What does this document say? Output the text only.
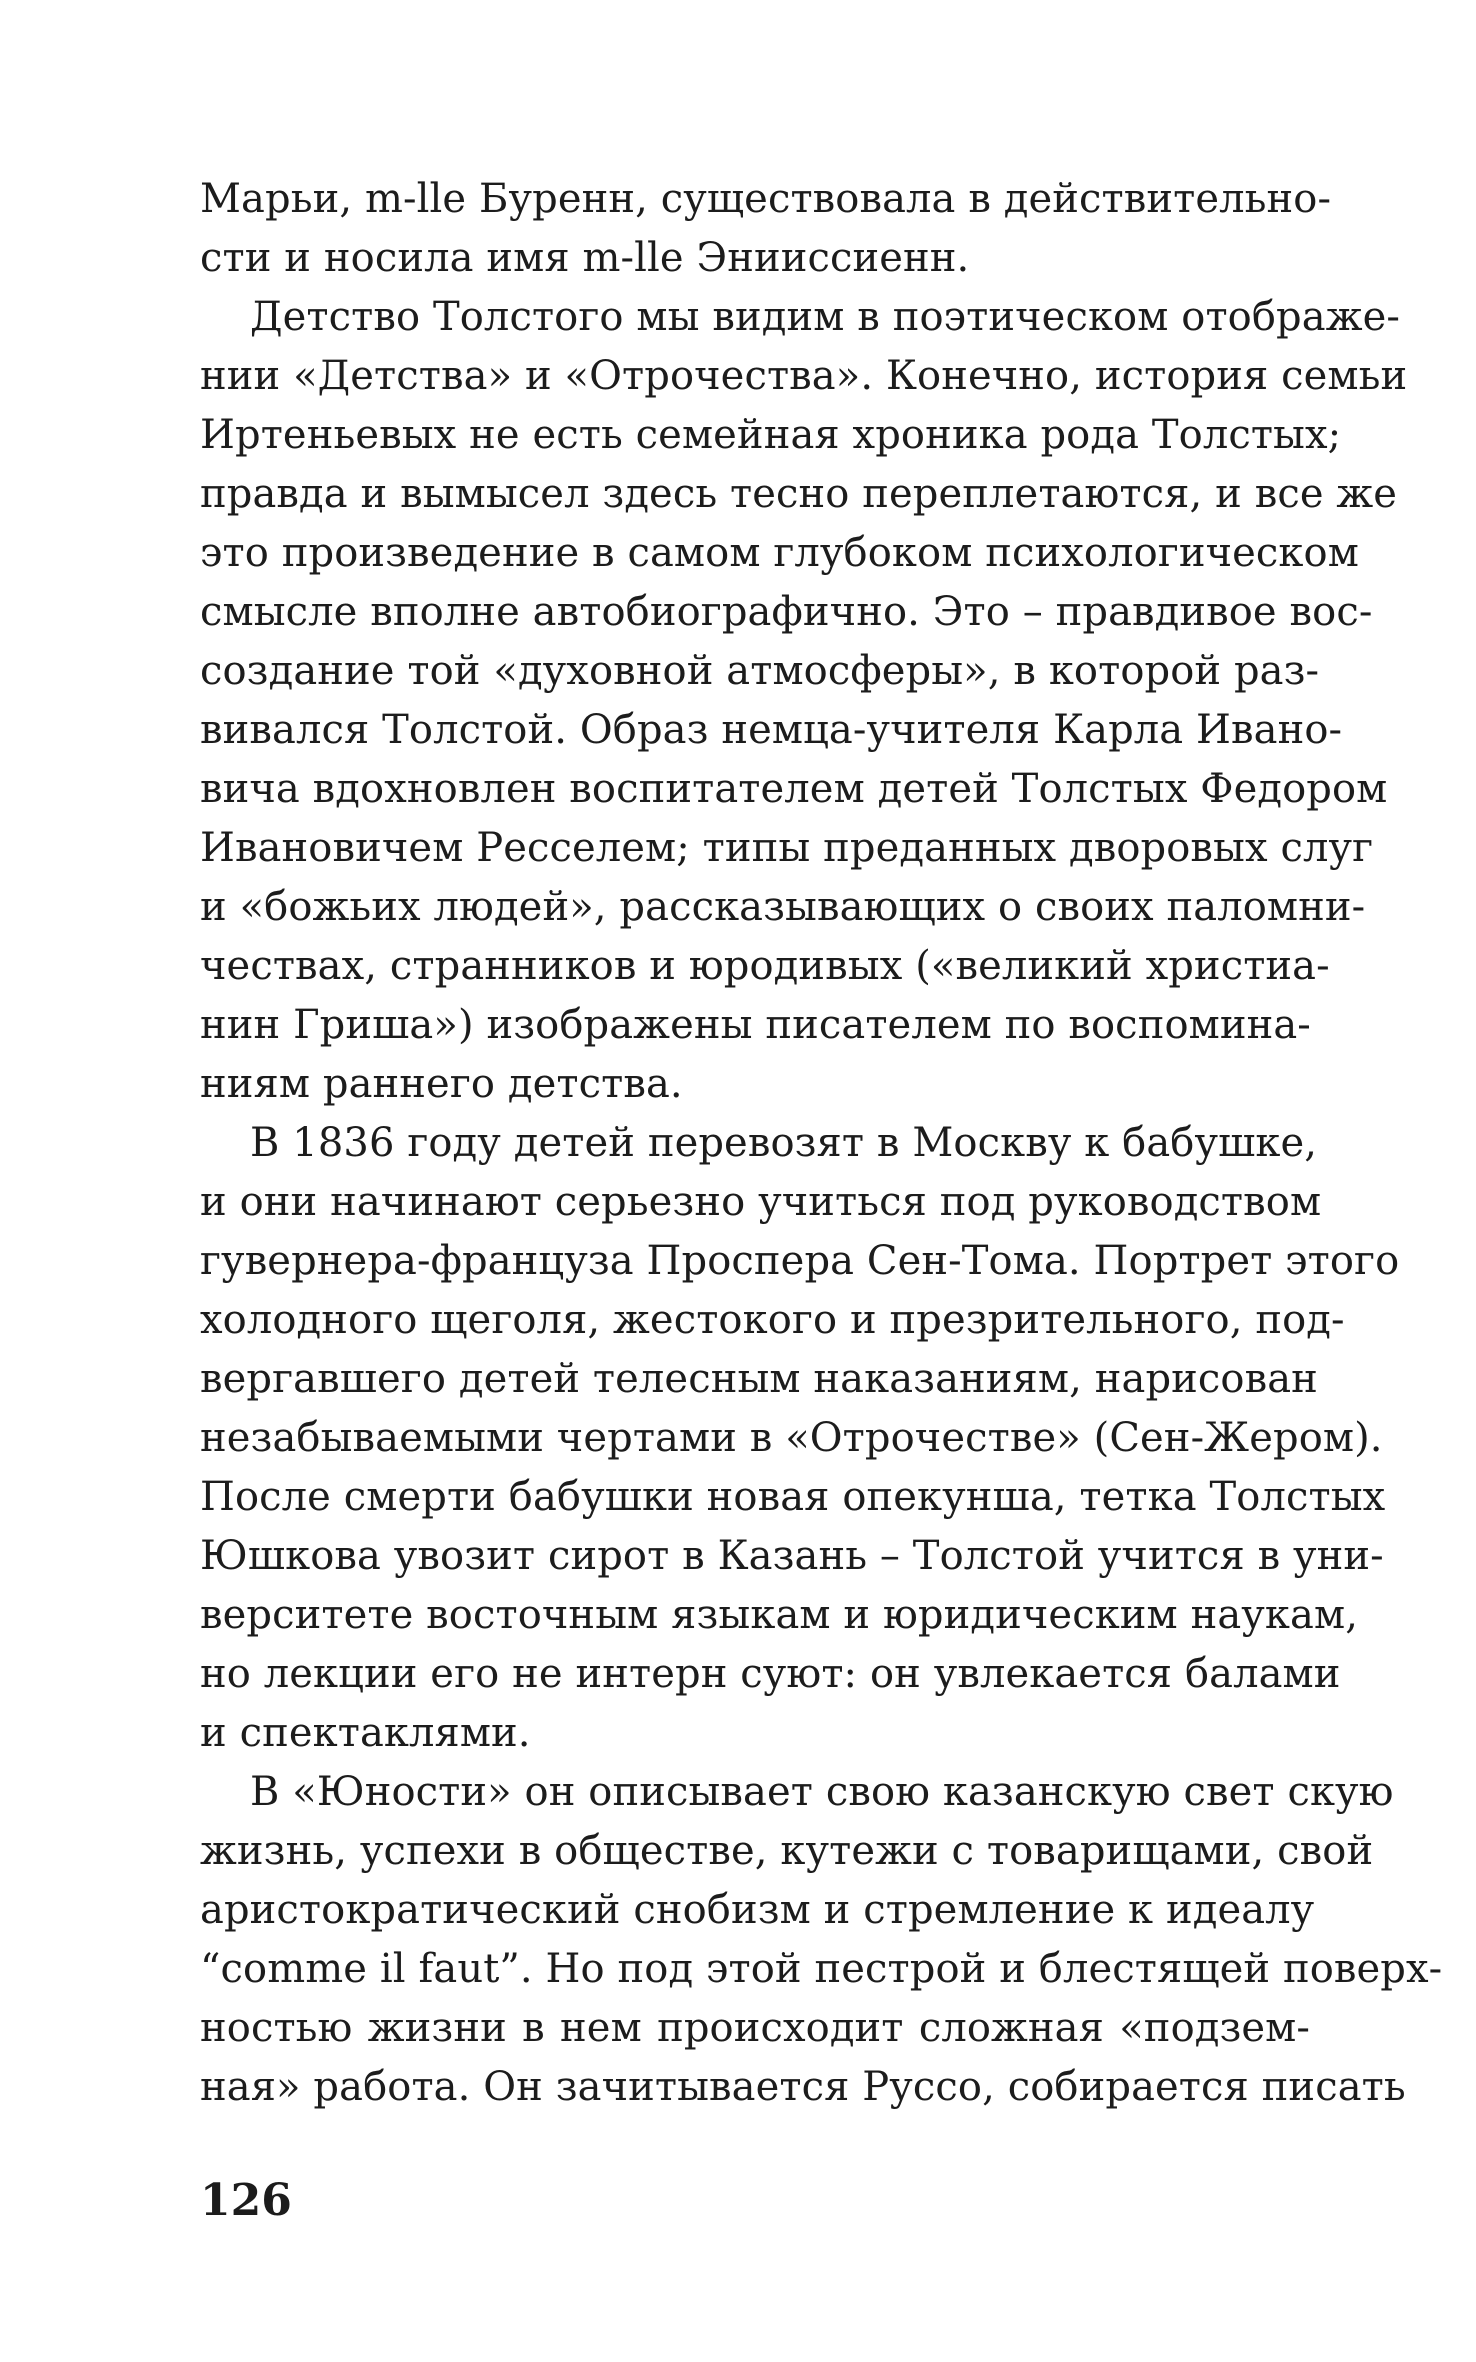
Марьи, m-lle Буренн, существовала в действительно-
сти и носила имя m-lle Энииссиенн.
Детство Толстого мы видим в поэтическом отображе-
нии «Детства» и «Отрочества». Конечно, история семьи
Иртеньевых не есть семейная хроника рода Толстых;
правда и вымысел здесь тесно переплетаются, и все же
это произведение в самом глубоком психологическом
смысле вполне автобиографично. Это – правдивое вос-
создание той «духовной атмосферы», в которой раз-
вивался Толстой. Образ немца-учителя Карла Ивано-
вича вдохновлен воспитателем детей Толстых Федором
Ивановичем Ресселем; типы преданных дворовых слуг
и «божьих людей», рассказывающих о своих паломни-
чествах, странников и юродивых («великий христиа-
нин Гриша») изображены писателем по воспомина-
ниям раннего детства.
В 1836 году детей перевозят в Москву к бабушке,
и они начинают серьезно учиться под руководством
гувернера-француза Проспера Сен-Тома. Портрет этого
холодного щеголя, жестокого и презрительного, под-
вергавшего детей телесным наказаниям, нарисован
незабываемыми чертами в «Отрочестве» (Сен-Жером).
После смерти бабушки новая опекунша, тетка Толстых
Юшкова увозит сирот в Казань – Толстой учится в уни-
верситете восточным языкам и юридическим наукам,
но лекции его не интерн суют: он увлекается балами
и спектаклями.
В «Юности» он описывает свою казанскую свет скую
жизнь, успехи в обществе, кутежи с товарищами, свой
аристократический снобизм и стремление к идеалу
“comme il faut”. Но под этой пестрой и блестящей поверх-
ностью жизни в нем происходит сложная «подзем-
ная» работа. Он зачитывается Руссо, собирается писать
126
